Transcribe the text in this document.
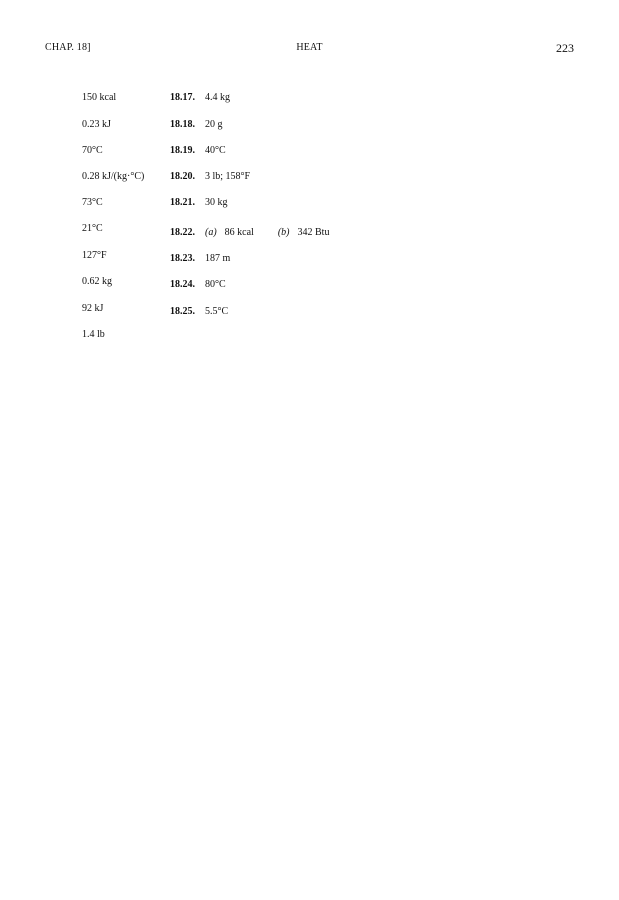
CHAP. 18]	HEAT	223
150 kcal
0.23 kJ
70°C
0.28 kJ/(kg·°C)
73°C
21°C
127°F
0.62 kg
92 kJ
1.4 lb
18.17. 4.4 kg
18.18. 20 g
18.19. 40°C
18.20. 3 lb; 158°F
18.21. 30 kg
18.22. (a) 86 kcal (b) 342 Btu
18.23. 187 m
18.24. 80°C
18.25. 5.5°C
